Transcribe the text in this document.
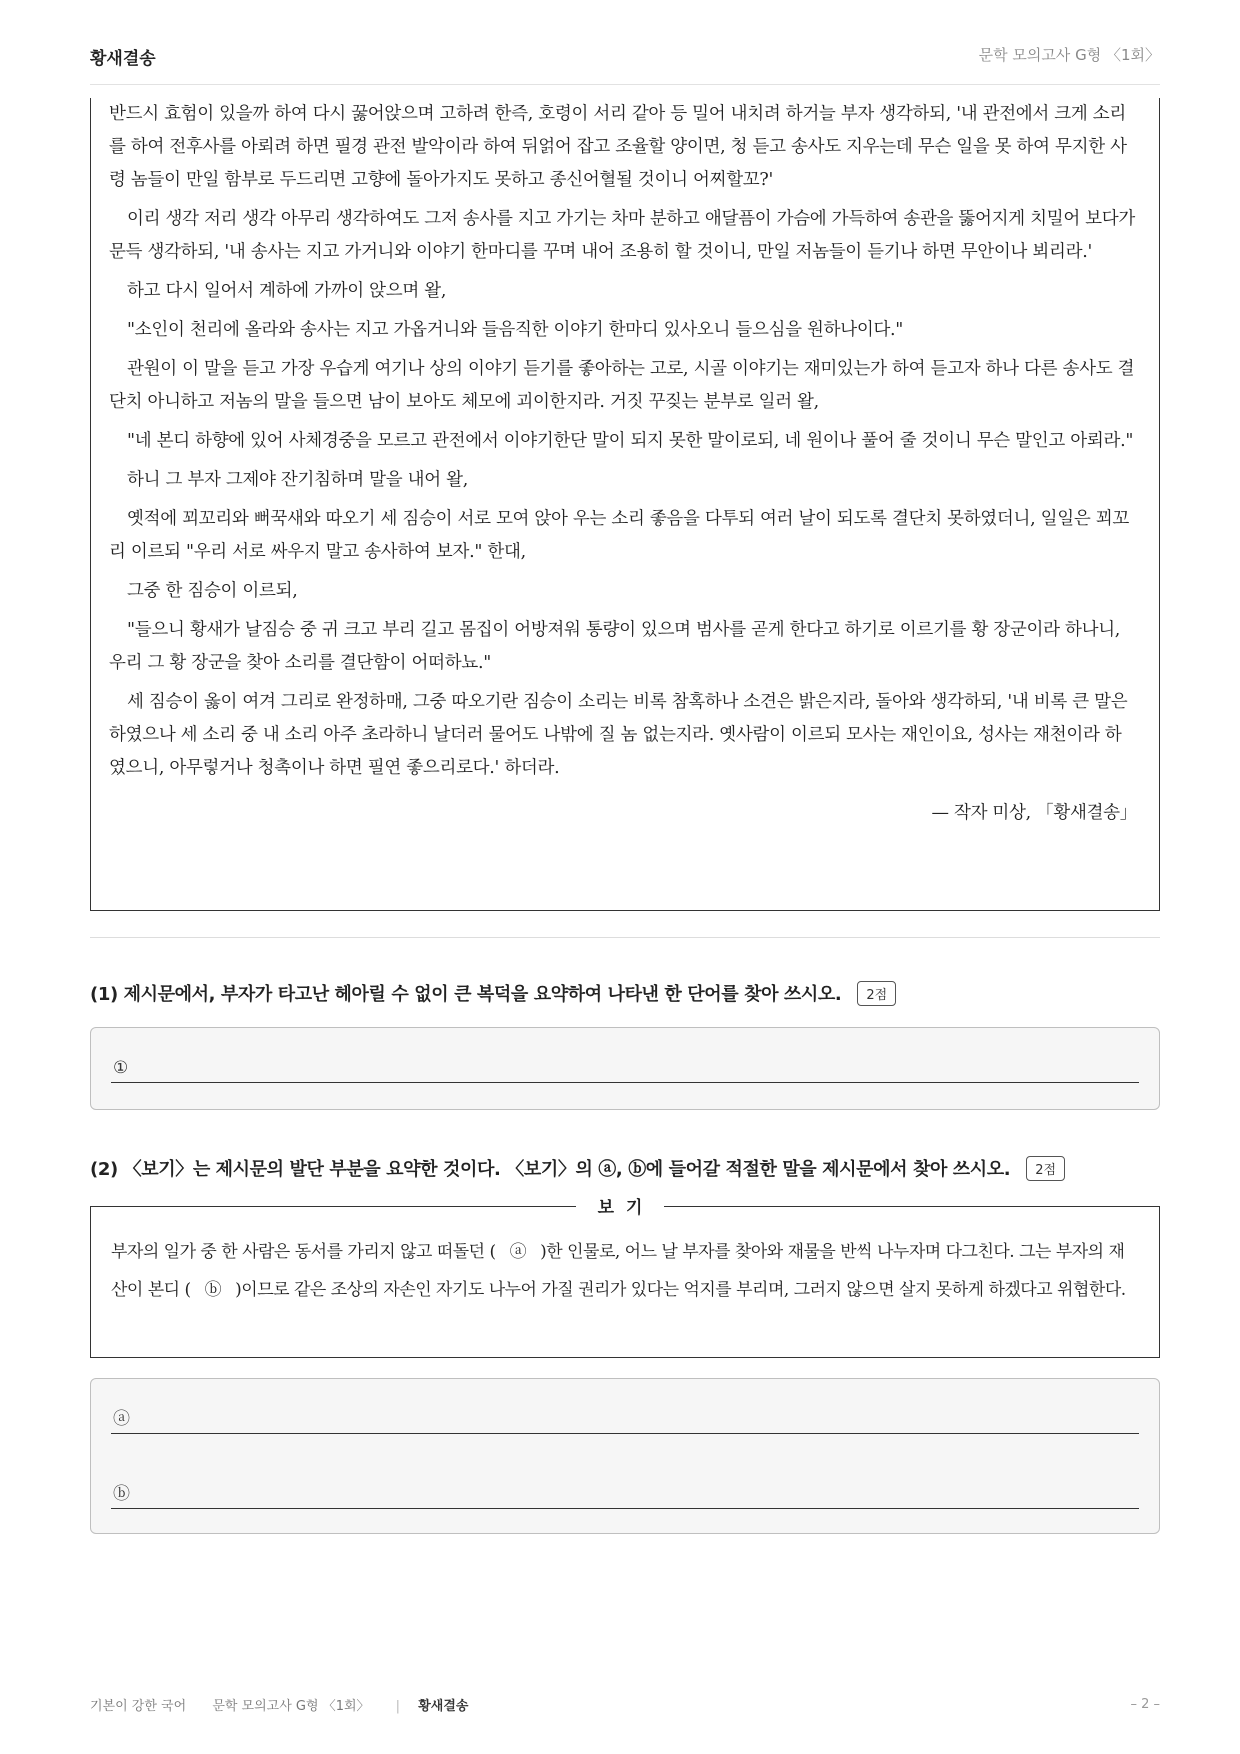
황새결송	문학 모의고사 G형 〈1회〉

반드시 효험이 있을까 하여 다시 꿇어앉으며 고하려 한즉, 호령이 서리 같아 등 밀어 내치려 하거늘 부자 생각하되, '내 관전에서 크게 소리를 하여 전후사를 아뢰려 하면 필경 관전 발악이라 하여 뒤얽어 잡고 조율할 양이면, 청 듣고 송사도 지우는데 무슨 일을 못 하여 무지한 사령 놈들이 만일 함부로 두드리면 고향에 돌아가지도 못하고 종신어혈될 것이니 어찌할꼬?'

이리 생각 저리 생각 아무리 생각하여도 그저 송사를 지고 가기는 차마 분하고 애달픔이 가슴에 가득하여 송관을 뚫어지게 치밀어 보다가 문득 생각하되, '내 송사는 지고 가거니와 이야기 한마디를 꾸며 내어 조용히 할 것이니, 만일 저놈들이 듣기나 하면 무안이나 뵈리라.'

하고 다시 일어서 계하에 가까이 앉으며 왈,

"소인이 천리에 올라와 송사는 지고 가옵거니와 들음직한 이야기 한마디 있사오니 들으심을 원하나이다."

관원이 이 말을 듣고 가장 우습게 여기나 상의 이야기 듣기를 좋아하는 고로, 시골 이야기는 재미있는가 하여 듣고자 하나 다른 송사도 결단치 아니하고 저놈의 말을 들으면 남이 보아도 체모에 괴이한지라. 거짓 꾸짖는 분부로 일러 왈,

"네 본디 하향에 있어 사체경중을 모르고 관전에서 이야기한단 말이 되지 못한 말이로되, 네 원이나 풀어 줄 것이니 무슨 말인고 아뢰라."

하니 그 부자 그제야 잔기침하며 말을 내어 왈,

옛적에 꾀꼬리와 뻐꾹새와 따오기 세 짐승이 서로 모여 앉아 우는 소리 좋음을 다투되 여러 날이 되도록 결단치 못하였더니, 일일은 꾀꼬리 이르되 "우리 서로 싸우지 말고 송사하여 보자." 한대,

그중 한 짐승이 이르되,

"들으니 황새가 날짐승 중 귀 크고 부리 길고 몸집이 어방져워 통량이 있으며 범사를 곧게 한다고 하기로 이르기를 황 장군이라 하나니, 우리 그 황 장군을 찾아 소리를 결단함이 어떠하뇨."

세 짐승이 옳이 여겨 그리로 완정하매, 그중 따오기란 짐승이 소리는 비록 참혹하나 소견은 밝은지라, 돌아와 생각하되, '내 비록 큰 말은 하였으나 세 소리 중 내 소리 아주 초라하니 날더러 물어도 나밖에 질 놈 없는지라. 옛사람이 이르되 모사는 재인이요, 성사는 재천이라 하였으니, 아무렇거나 청촉이나 하면 필연 좋으리로다.' 하더라.

— 작자 미상, 「황새결송」

(1) 제시문에서, 부자가 타고난 헤아릴 수 없이 큰 복덕을 요약하여 나타낸 한 단어를 찾아 쓰시오.	2점
①
(2) 〈보기〉는 제시문의 발단 부분을 요약한 것이다. 〈보기〉의 ⓐ, ⓑ에 들어갈 적절한 말을 제시문에서 찾아 쓰시오.	2점
부자의 일가 중 한 사람은 동서를 가리지 않고 떠돌던 ( ⓐ )한 인물로, 어느 날 부자를 찾아와 재물을 반씩 나누자며 다그친다. 그는 부자의 재산이 본디 ( ⓑ )이므로 같은 조상의 자손인 자기도 나누어 가질 권리가 있다는 억지를 부리며, 그러지 않으면 살지 못하게 하겠다고 위협한다.
보기
ⓐ
ⓑ
기본이 강한 국어 문학 모의고사 G형 〈1회〉 | 황새결송	– 2 –
